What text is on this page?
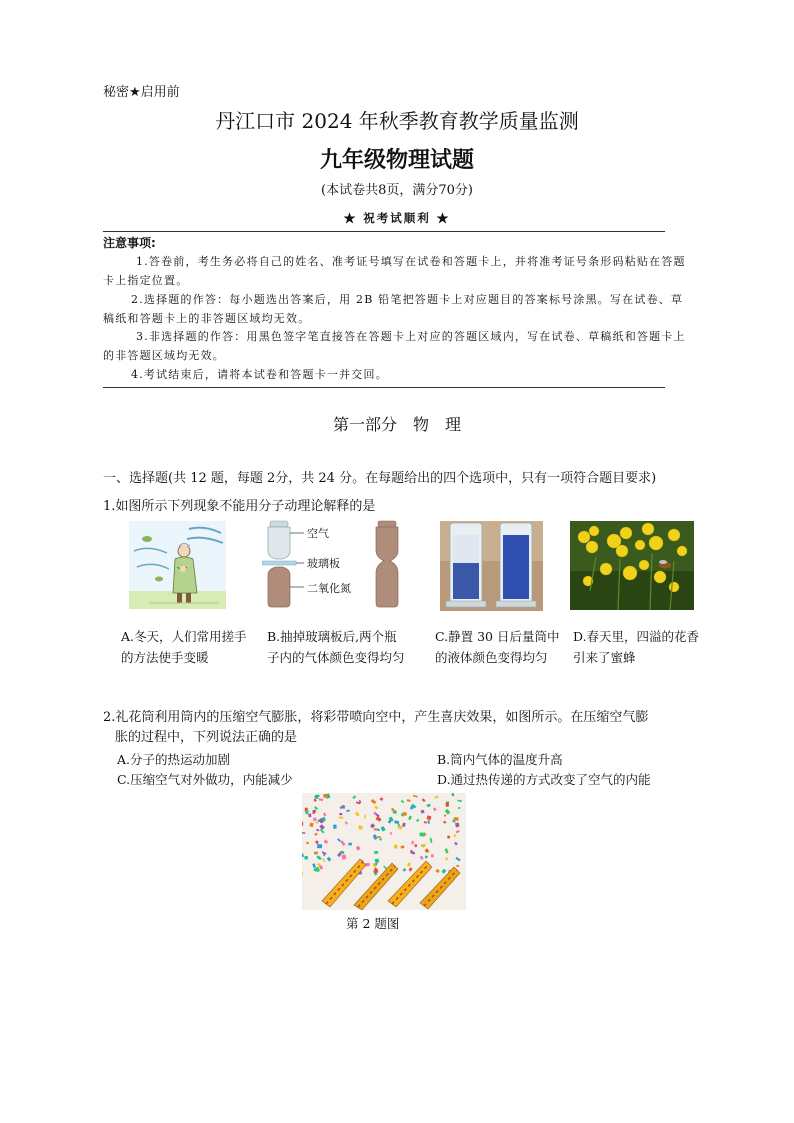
秘密★启用前
丹江口市 2024 年秋季教育教学质量监测
九年级物理试题
(本试卷共8页，满分70分)
★ 祝考试顺利 ★
注意事项:
1.答卷前，考生务必将自己的姓名、准考证号填写在试卷和答题卡上，并将准考证号条形码粘贴在答题卡上指定位置。
2.选择题的作答：每小题选出答案后，用 2B 铅笔把答题卡上对应题目的答案标号涂黑。写在试卷、草稿纸和答题卡上的非答题区域均无效。
3.非选择题的作答：用黑色签字笔直接答在答题卡上对应的答题区域内，写在试卷、草稿纸和答题卡上的非答题区域均无效。
4.考试结束后，请将本试卷和答题卡一并交回。
第一部分　物　理
一、选择题(共 12 题，每题 2分，共 24 分。在每题给出的四个选项中，只有一项符合题目要求)
1.如图所示下列现象不能用分子动理论解释的是
空气
玻璃板
二氧化氮
A.冬天，人们常用搓手的方法使手变暖
B.抽掉玻璃板后,两个瓶子内的气体颜色变得均匀
C.静置 30 日后量筒中的液体颜色变得均匀
D.春天里，四溢的花香引来了蜜蜂
2.礼花筒利用筒内的压缩空气膨胀，将彩带喷向空中，产生喜庆效果，如图所示。在压缩空气膨
胀的过程中，下列说法正确的是
A.分子的热运动加剧	B.筒内气体的温度升高
C.压缩空气对外做功，内能减少	D.通过热传递的方式改变了空气的内能
第 2 题图
